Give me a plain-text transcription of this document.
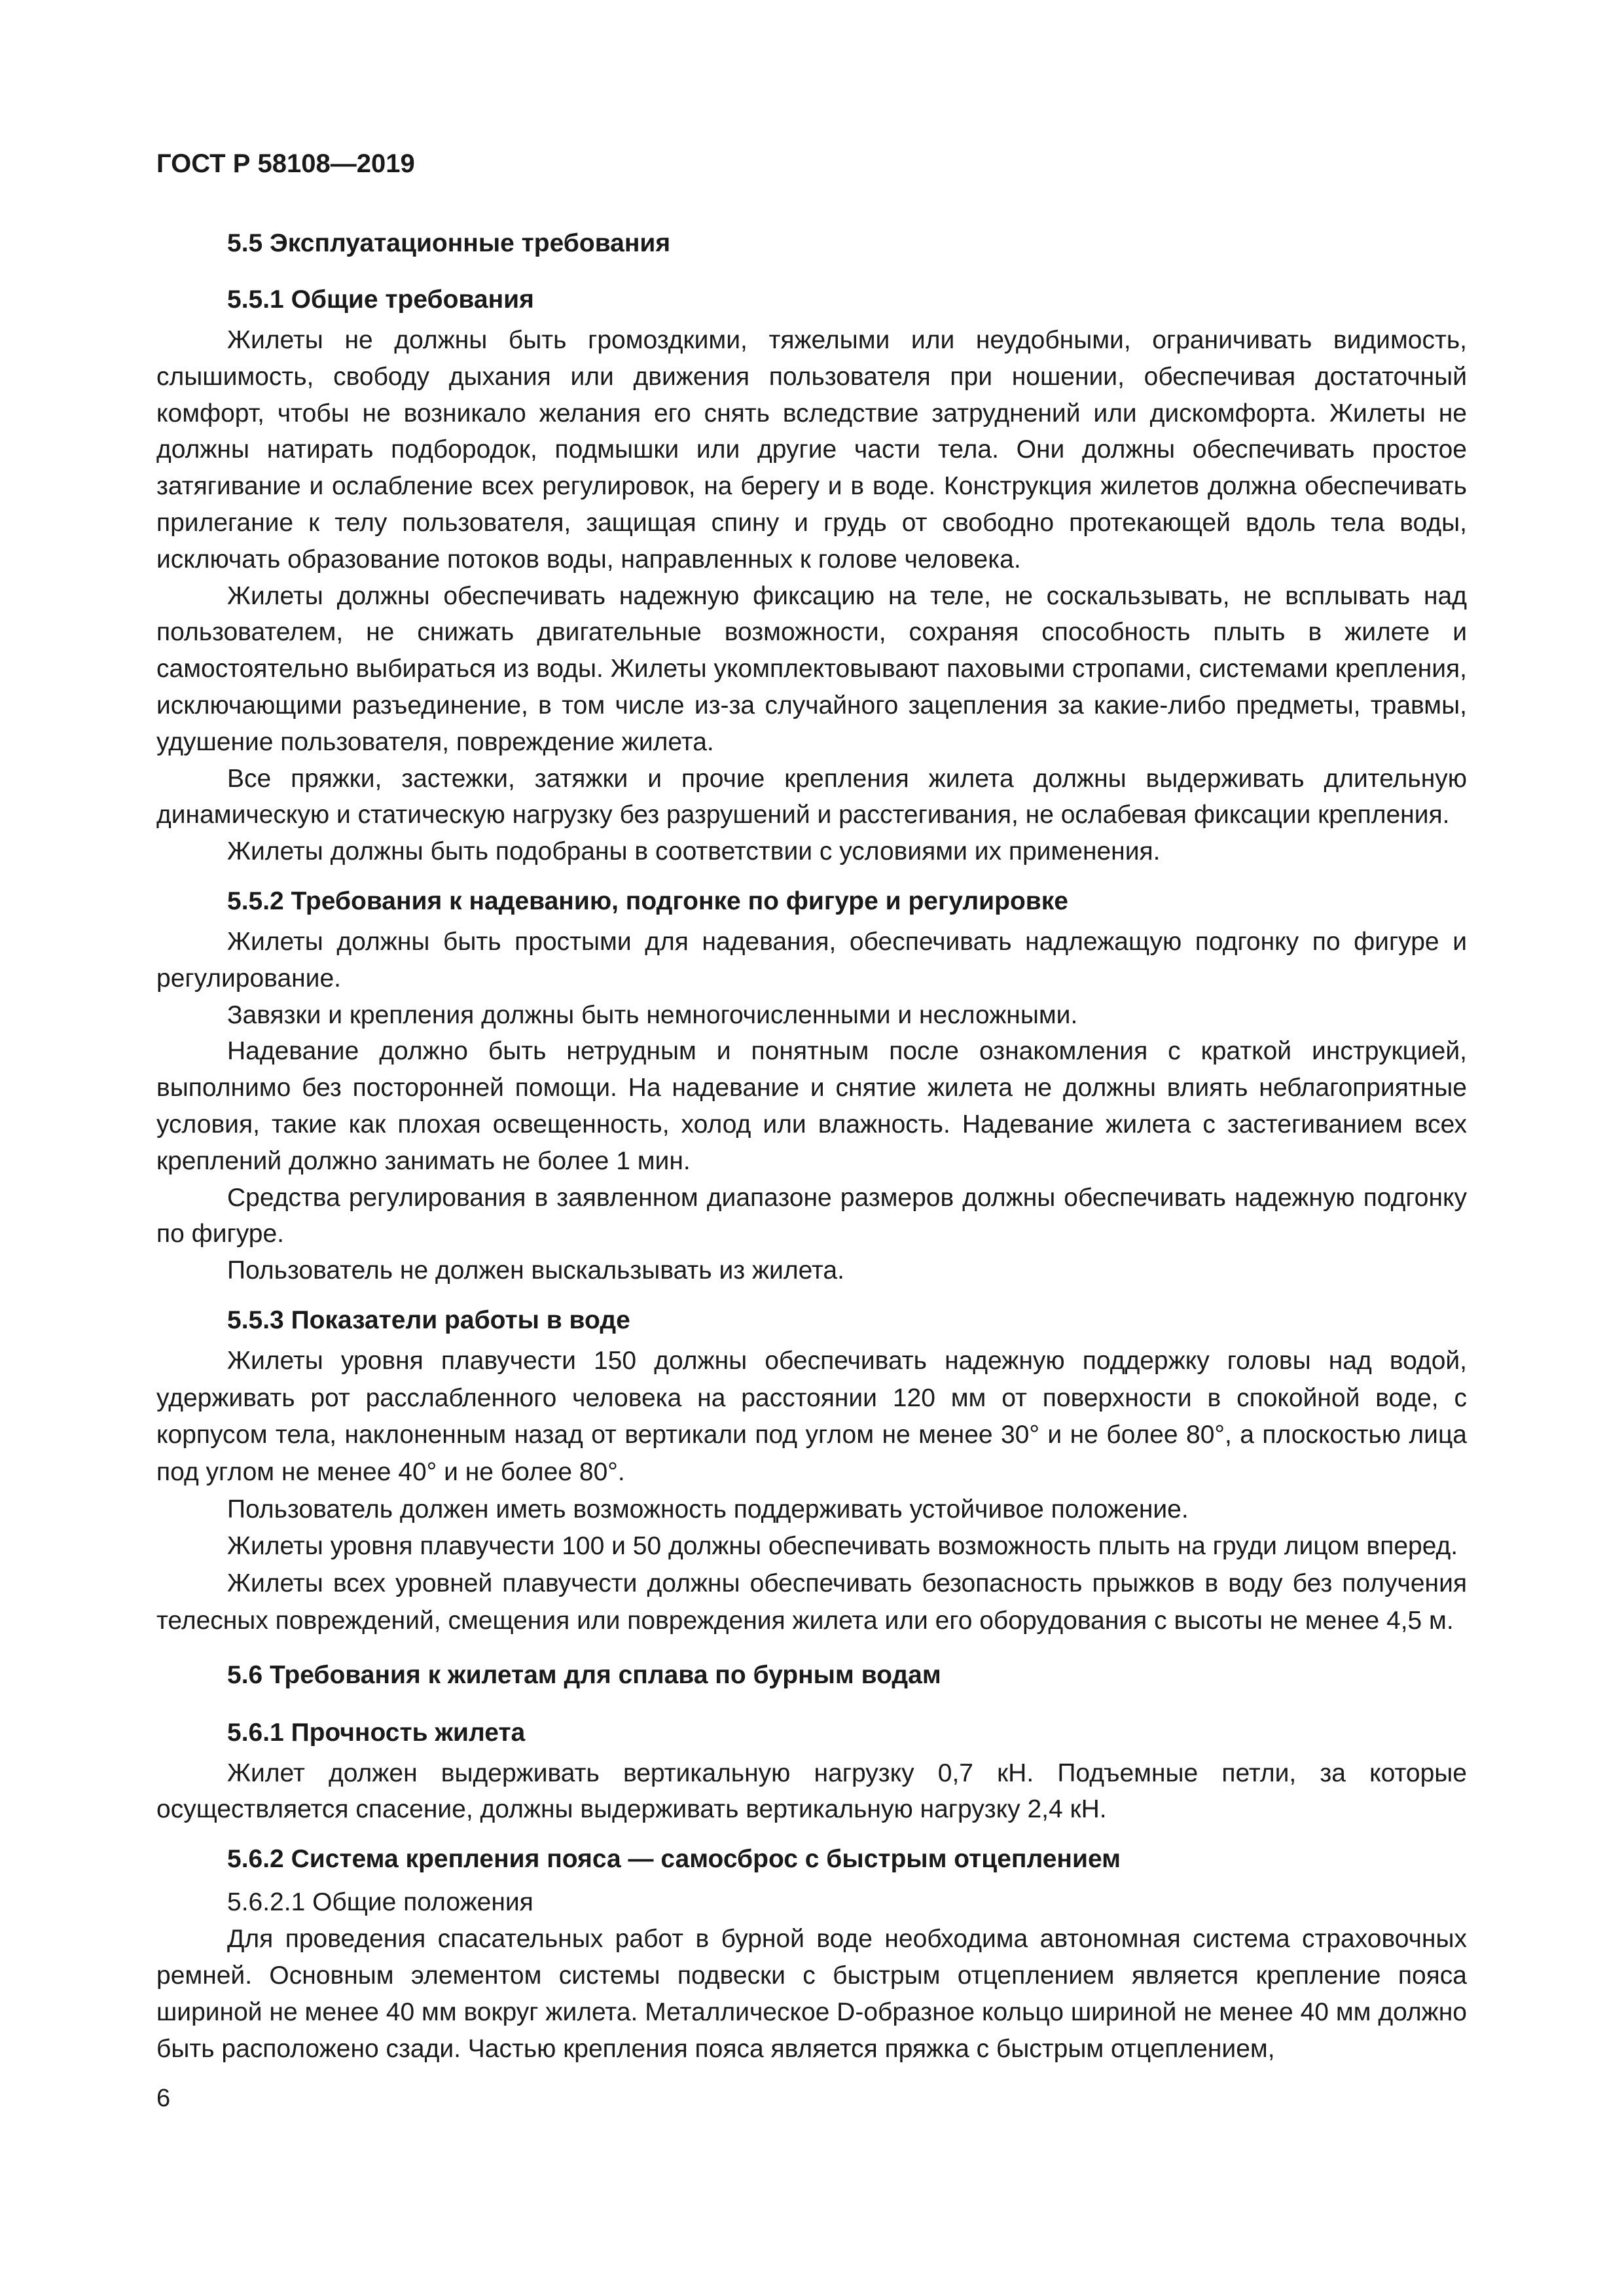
ГОСТ Р 58108—2019
5.5 Эксплуатационные требования
5.5.1 Общие требования

Жилеты не должны быть громоздкими, тяжелыми или неудобными, ограничивать видимость, слышимость, свободу дыхания или движения пользователя при ношении, обеспечивая достаточный комфорт, чтобы не возникало желания его снять вследствие затруднений или дискомфорта. Жилеты не должны натирать подбородок, подмышки или другие части тела. Они должны обеспечивать простое затягивание и ослабление всех регулировок, на берегу и в воде. Конструкция жилетов должна обеспечивать прилегание к телу пользователя, защищая спину и грудь от свободно протекающей вдоль тела воды, исключать образование потоков воды, направленных к голове человека.

Жилеты должны обеспечивать надежную фиксацию на теле, не соскальзывать, не всплывать над пользователем, не снижать двигательные возможности, сохраняя способность плыть в жилете и самостоятельно выбираться из воды. Жилеты укомплектовывают паховыми стропами, системами крепления, исключающими разъединение, в том числе из-за случайного зацепления за какие-либо предметы, травмы, удушение пользователя, повреждение жилета.

Все пряжки, застежки, затяжки и прочие крепления жилета должны выдерживать длительную динамическую и статическую нагрузку без разрушений и расстегивания, не ослабевая фиксации крепления.

Жилеты должны быть подобраны в соответствии с условиями их применения.

5.5.2 Требования к надеванию, подгонке по фигуре и регулировке

Жилеты должны быть простыми для надевания, обеспечивать надлежащую подгонку по фигуре и регулирование.

Завязки и крепления должны быть немногочисленными и несложными.

Надевание должно быть нетрудным и понятным после ознакомления с краткой инструкцией, выполнимо без посторонней помощи. На надевание и снятие жилета не должны влиять неблагоприятные условия, такие как плохая освещенность, холод или влажность. Надевание жилета с застегиванием всех креплений должно занимать не более 1 мин.

Средства регулирования в заявленном диапазоне размеров должны обеспечивать надежную подгонку по фигуре.

Пользователь не должен выскальзывать из жилета.

5.5.3 Показатели работы в воде

Жилеты уровня плавучести 150 должны обеспечивать надежную поддержку головы над водой, удерживать рот расслабленного человека на расстоянии 120 мм от поверхности в спокойной воде, с корпусом тела, наклоненным назад от вертикали под углом не менее 30° и не более 80°, а плоскостью лица под углом не менее 40° и не более 80°.

Пользователь должен иметь возможность поддерживать устойчивое положение.

Жилеты уровня плавучести 100 и 50 должны обеспечивать возможность плыть на груди лицом вперед.

Жилеты всех уровней плавучести должны обеспечивать безопасность прыжков в воду без получения телесных повреждений, смещения или повреждения жилета или его оборудования с высоты не менее 4,5 м.

5.6 Требования к жилетам для сплава по бурным водам
5.6.1 Прочность жилета

Жилет должен выдерживать вертикальную нагрузку 0,7 кН. Подъемные петли, за которые осуществляется спасение, должны выдерживать вертикальную нагрузку 2,4 кН.

5.6.2 Система крепления пояса — самосброс с быстрым отцеплением
5.6.2.1 Общие положения

Для проведения спасательных работ в бурной воде необходима автономная система страховочных ремней. Основным элементом системы подвески с быстрым отцеплением является крепление пояса шириной не менее 40 мм вокруг жилета. Металлическое D-образное кольцо шириной не менее 40 мм должно быть расположено сзади. Частью крепления пояса является пряжка с быстрым отцеплением,

6
